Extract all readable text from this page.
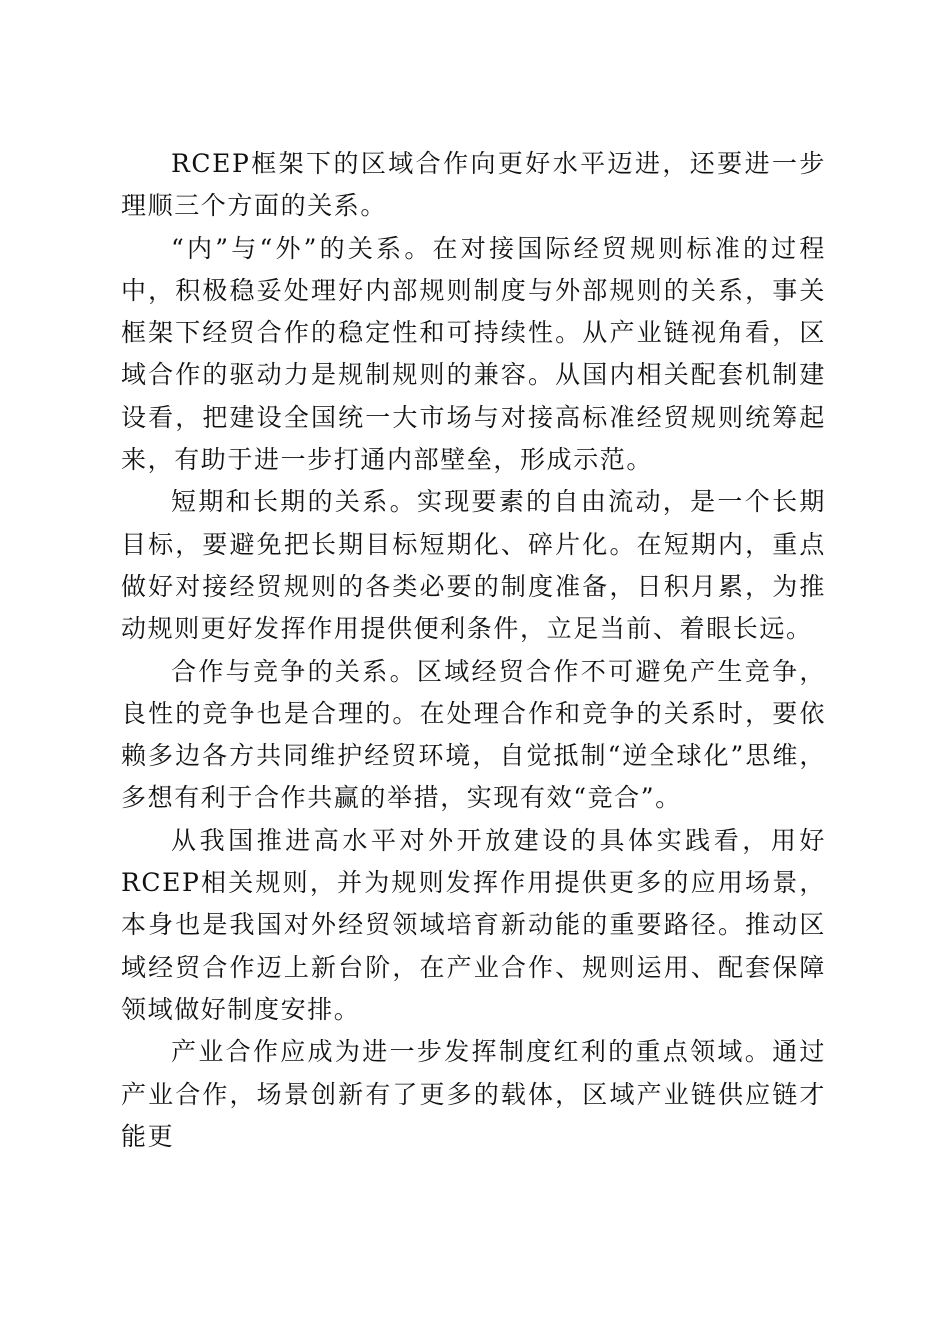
RCEP框架下的区域合作向更好水平迈进，还要进一步理顺三个方面的关系。

“内”与“外”的关系。在对接国际经贸规则标准的过程中，积极稳妥处理好内部规则制度与外部规则的关系，事关框架下经贸合作的稳定性和可持续性。从产业链视角看，区域合作的驱动力是规制规则的兼容。从国内相关配套机制建设看，把建设全国统一大市场与对接高标准经贸规则统筹起来，有助于进一步打通内部壁垒，形成示范。

短期和长期的关系。实现要素的自由流动，是一个长期目标，要避免把长期目标短期化、碎片化。在短期内，重点做好对接经贸规则的各类必要的制度准备，日积月累，为推动规则更好发挥作用提供便利条件，立足当前、着眼长远。

合作与竞争的关系。区域经贸合作不可避免产生竞争，良性的竞争也是合理的。在处理合作和竞争的关系时，要依赖多边各方共同维护经贸环境，自觉抵制“逆全球化”思维，多想有利于合作共赢的举措，实现有效“竞合”。

从我国推进高水平对外开放建设的具体实践看，用好RCEP相关规则，并为规则发挥作用提供更多的应用场景，本身也是我国对外经贸领域培育新动能的重要路径。推动区域经贸合作迈上新台阶，在产业合作、规则运用、配套保障领域做好制度安排。

产业合作应成为进一步发挥制度红利的重点领域。通过产业合作，场景创新有了更多的载体，区域产业链供应链才能更
